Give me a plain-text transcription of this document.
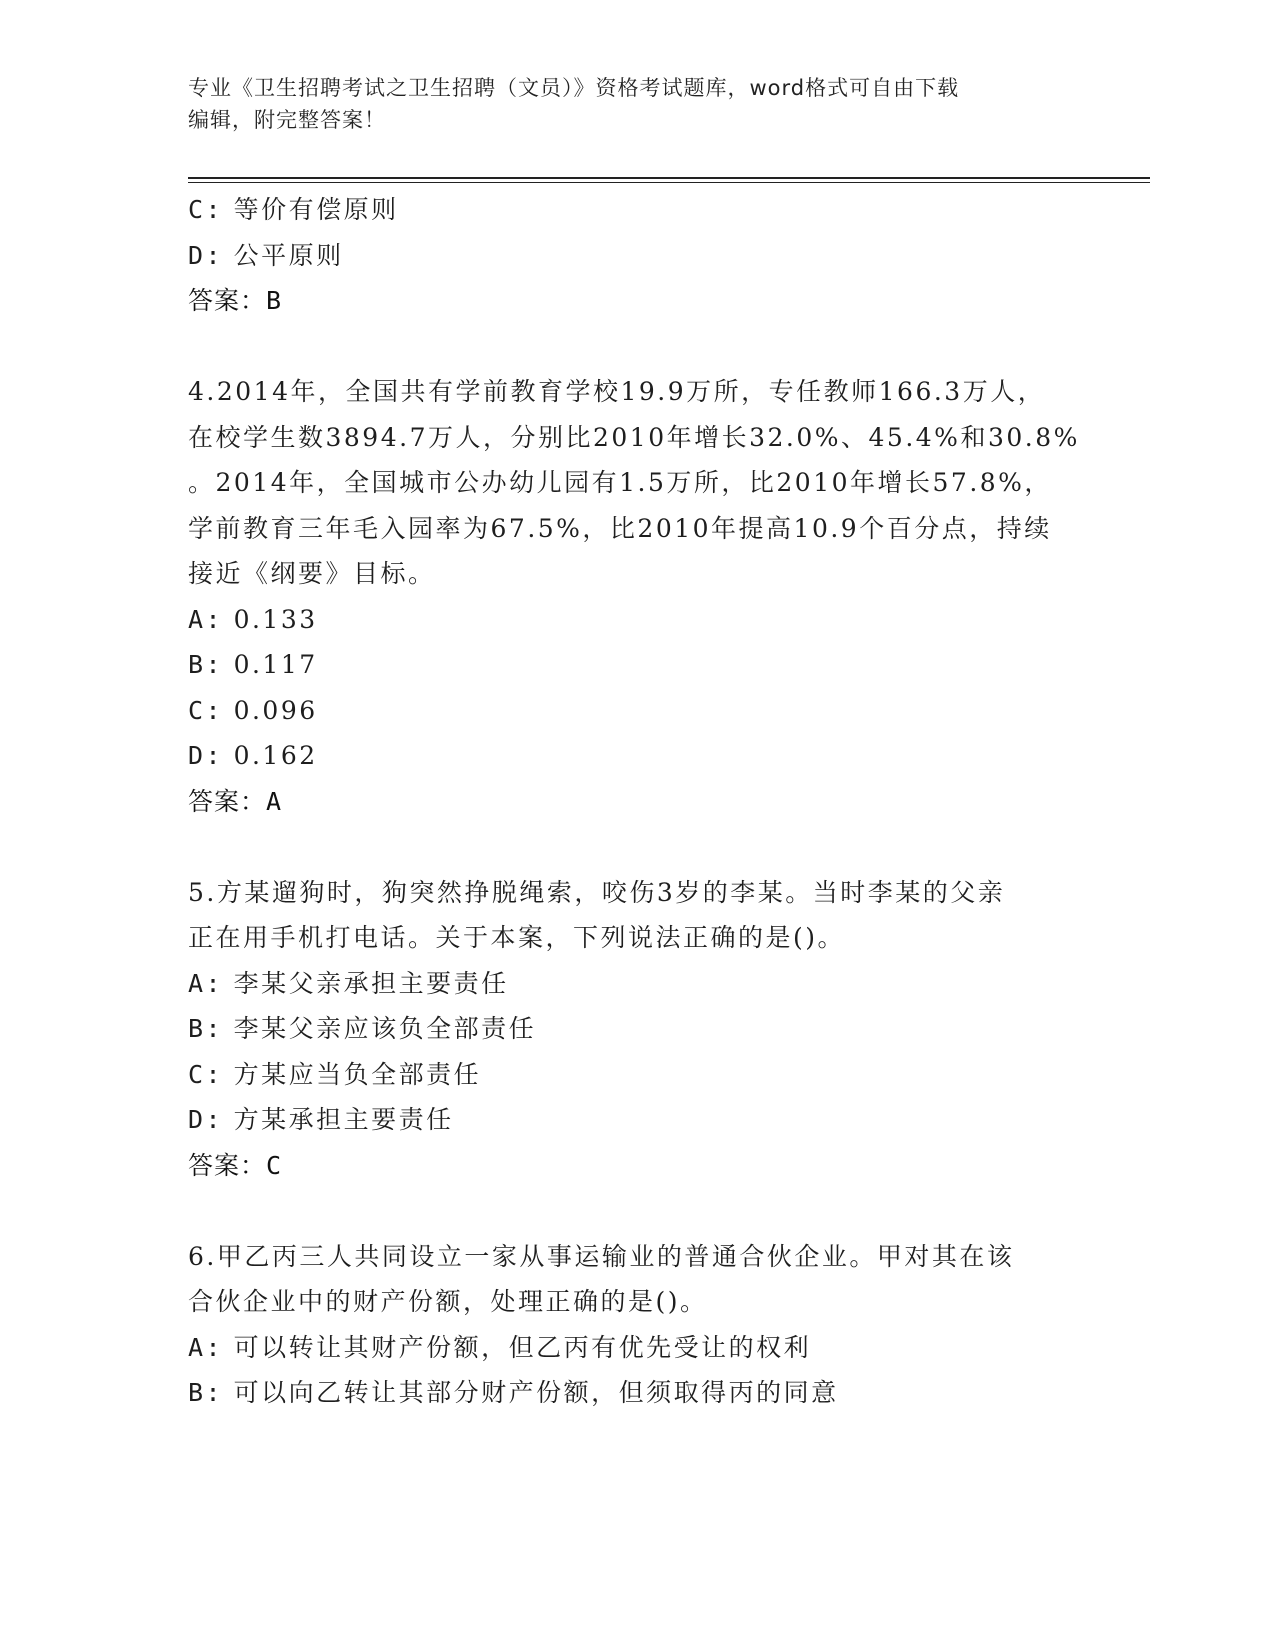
专业《卫生招聘考试之卫生招聘（文员）》资格考试题库，word格式可自由下载
编辑，附完整答案！
C: 等价有偿原则
D: 公平原则
答案：B
4.2014年，全国共有学前教育学校19.9万所，专任教师166.3万人，
在校学生数3894.7万人，分别比2010年增长32.0%、45.4%和30.8%
。2014年，全国城市公办幼儿园有1.5万所，比2010年增长57.8%，
学前教育三年毛入园率为67.5%，比2010年提高10.9个百分点，持续
接近《纲要》目标。
A: 0.133
B: 0.117
C: 0.096
D: 0.162
答案：A
5.方某遛狗时，狗突然挣脱绳索，咬伤3岁的李某。当时李某的父亲
正在用手机打电话。关于本案，下列说法正确的是()。
A: 李某父亲承担主要责任
B: 李某父亲应该负全部责任
C: 方某应当负全部责任
D: 方某承担主要责任
答案：C
6.甲乙丙三人共同设立一家从事运输业的普通合伙企业。甲对其在该
合伙企业中的财产份额，处理正确的是()。
A: 可以转让其财产份额，但乙丙有优先受让的权利
B: 可以向乙转让其部分财产份额，但须取得丙的同意
